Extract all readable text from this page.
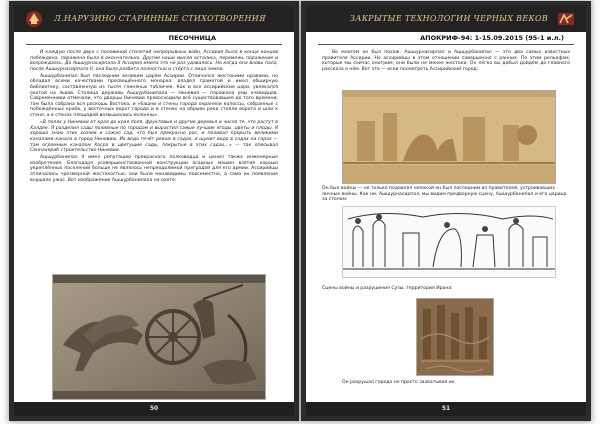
Л.НАРУЗИНО СТАРИННЫЕ СТИХОТВОРЕНИЯ
ПЕСОЧНИЦА

И каждую после двух с половиной столетий непрерывных войн, Ассирия была в конце концов побеждена, поражена была в окончательно. Другие наши мысли остались, перемежь поражение и возрождаясь. До Ашшурнасирпала II Ассирия имела это не раз удавалось. Но когда она вновь пала, после Ашшурнасирпала II, она была разбита полностью и стёрта с лица земли.

Ашшурбанипал был последним великим царём Ассирии. Отличался жестокими нравами, но обладал всеми качествами просвещённого монарха: владел грамотой и имел обширную библиотеку, составленную из тысяч глиняных табличек. Как и все ассирийские цари, увлекался охотой на львов. Столица державы Ашшурбанипала — Ниневия — поражала умы очевидцев. Современники отмечали, что дворцы Ниневии превосходили всё существовавшее до того времени; там была собрана вся роскошь Востока, и «башни и стены города охраняли колоссы, собранные с побеждённых краёв, у восточных ворот города и в стенах на обрыве реки стояли ворота и шли к стене, а в стенах площадей возвышались колонны».

«В полях у Ниневии от края до края поля, фруктовые и другие деревья и числа те, что растут в Халдее. Я разделил сады поливные по городам и вырастил самые лучшие ягоды, цветы и плоды. Я хорошо знаю этих хозяев и сажал сад, что был прекрасно рос, и поливал прорыть великими каналами канала в город Ниневию. Их вода течёт рекою в садах, и шумит вода в садах на горах — там огромным каналом Хосра в цветущие сады, покрытые в этих садах…» — так описывал Сеннахериб строительство Ниневии.

Ашшурбанипал II имел репутацию прекрасного полководца и ценил также инженерные изобретения. Благодаря усовершенствованной конструкции осадных машин взятие хорошо укреплённых поселений больше не являлось непреодолимой преградой для его армии. Ассирийцы отличались чрезмерной жестокостью, они были ненавидимы повсеместно, а само их появление внушало ужас. Вот изображение Ашшурбанипала на охоте:

50
ЗАКРЫТЫЕ ТЕХНОЛОГИИ ЧЕРНЫХ ВЕКОВ
АПОКРИФ-94: 1-15.09.2015 (95-1 и.л.)

Во многом он был похож. Ашшурнасирпал и Ашшурбанипал — это два самых известных правителя Ассирии. Но ассирийцы в этом отношении совершенно с ранних. По этим рельефам, которые мы сейчас смотрим, они были не менее жестоки. Он лёгко вы добыл дойдём до главного рассказа о нём. Вот это — если посмотреть Ассирийский город:

Он был войны — не только подавлял непокой он был последним из правителей, устраивавших личные войны. Как ни. Ашшурнасирпал, мы видим предворную сцену, Ашшурбанипал и его царица за столом:
Сцены войны и разрушения Сузы, территория Ирана:
Он разрушал города не просто захватывая их.
51
